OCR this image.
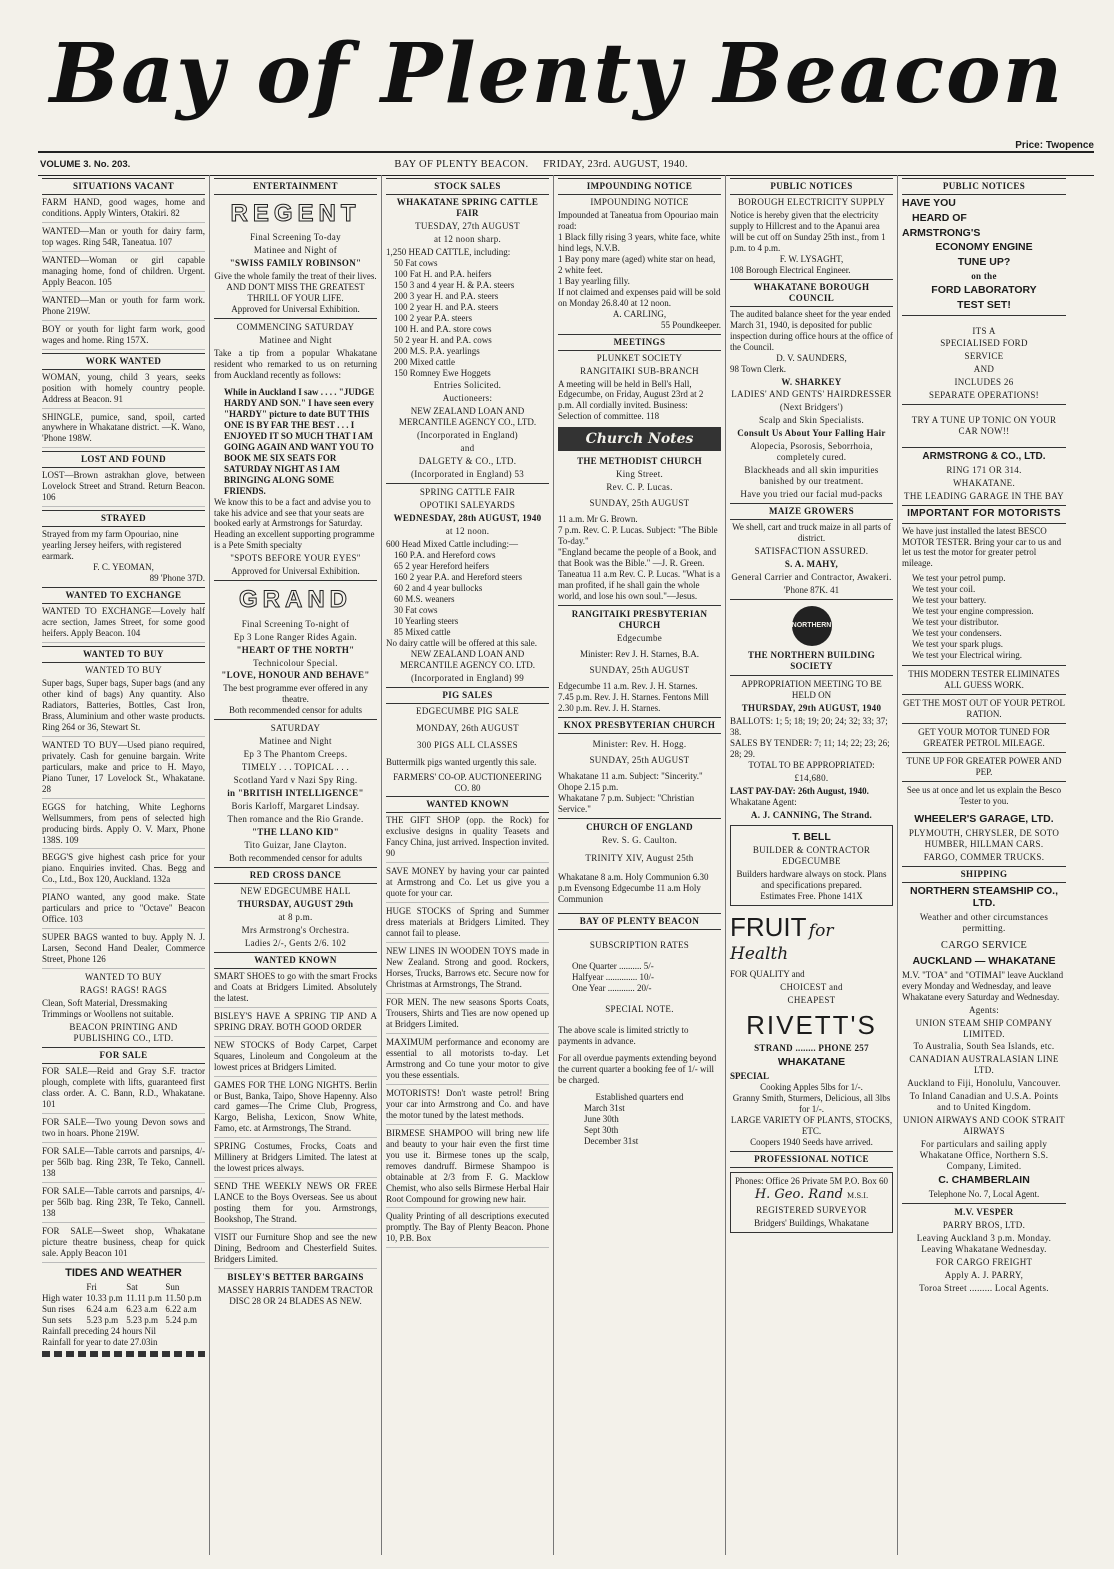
Bay of Plenty Beacon
Price: Twopence
VOLUME 3. No. 203.	BAY OF PLENTY BEACON. FRIDAY, 23rd. AUGUST, 1940.
SITUATIONS VACANT
FARM HAND, good wages, home and conditions. Apply Winters, Otakiri. 82
WANTED—Man or youth for dairy farm, top wages. Ring 54R, Taneatua. 107
WANTED—Woman or girl capable managing home, fond of children. Urgent. Apply Beacon. 105
WANTED—Man or youth for farm work. Phone 219W.
BOY or youth for light farm work, good wages and home. Ring 157X.
WORK WANTED
WOMAN, young, child 3 years, seeks position with homely country people. Address at Beacon. 91
SHINGLE, pumice, sand, spoil, carted anywhere in Whakatane district. —K. Wano, 'Phone 198W.
LOST AND FOUND
LOST—Brown astrakhan glove, between Lovelock Street and Strand. Return Beacon. 106
STRAYED
Strayed from my farm Opouriao, nine yearling Jersey heifers, with registered earmark.
F. C. YEOMAN,
89 'Phone 37D.
WANTED TO EXCHANGE
WANTED TO EXCHANGE—Lovely half acre section, James Street, for some good heifers. Apply Beacon. 104
WANTED TO BUY
WANTED TO BUY
Super bags, Super bags, Super bags (and any other kind of bags) Any quantity. Also Radiators, Batteries, Bottles, Cast Iron, Brass, Aluminium and other waste products. Ring 264 or 36, Stewart St.
WANTED TO BUY—Used piano required, privately. Cash for genuine bargain. Write particulars, make and price to H. Mayo, Piano Tuner, 17 Lovelock St., Whakatane. 28
EGGS for hatching, White Leghorns Wellsummers, from pens of selected high producing birds. Apply O. V. Marx, Phone 138S. 109
BEGG'S give highest cash price for your piano. Enquiries invited. Chas. Begg and Co., Ltd., Box 120, Auckland. 132a
PIANO wanted, any good make. State particulars and price to "Octave" Beacon Office. 103
SUPER BAGS wanted to buy. Apply N. J. Larsen, Second Hand Dealer, Commerce Street, Phone 126
WANTED TO BUY
RAGS! RAGS! RAGS
Clean, Soft Material, Dressmaking Trimmings or Woollens not suitable.
BEACON PRINTING AND PUBLISHING CO., LTD.
FOR SALE
FOR SALE—Reid and Gray S.F. tractor plough, complete with lifts, guaranteed first class order. A. C. Bann, R.D., Whakatane. 101
FOR SALE—Two young Devon sows and two in hoars. Phone 219W.
FOR SALE—Table carrots and parsnips, 4/- per 56lb bag. Ring 23R, Te Teko, Cannell. 138
FOR SALE—Table carrots and parsnips, 4/- per 56lb bag. Ring 23R, Te Teko, Cannell. 138
FOR SALE—Sweet shop, Whakatane picture theatre business, cheap for quick sale. Apply Beacon 101
TIDES AND WEATHER
	Fri	Sat	Sun
High water	10.33 p.m	11.11 p.m	11.50 p.m
Sun rises	6.24 a.m	6.23 a.m	6.22 a.m
Sun sets	5.23 p.m	5.23 p.m	5.24 p.m
Rainfall preceding 24 hours Nil
Rainfall for year to date 27.03in
ENTERTAINMENT
REGENT
Final Screening To-day
Matinee and Night of
"SWISS FAMILY ROBINSON"
Give the whole family the treat of their lives. AND DON'T MISS THE GREATEST THRILL OF YOUR LIFE.
Approved for Universal Exhibition.
COMMENCING SATURDAY
Matinee and Night
Take a tip from a popular Whakatane resident who remarked to us on returning from Auckland recently as follows:
While in Auckland I saw . . . . "JUDGE HARDY AND SON." I have seen every "HARDY" picture to date BUT THIS ONE IS BY FAR THE BEST . . . I ENJOYED IT SO MUCH THAT I AM GOING AGAIN AND WANT YOU TO BOOK ME SIX SEATS FOR SATURDAY NIGHT AS I AM BRINGING ALONG SOME FRIENDS.
We know this to be a fact and advise you to take his advice and see that your seats are booked early at Armstrongs for Saturday.
Heading an excellent supporting programme is a Pete Smith specialty
"SPOTS BEFORE YOUR EYES"
Approved for Universal Exhibition.
GRAND
Final Screening To-night of
Ep 3 Lone Ranger Rides Again.
"HEART OF THE NORTH"
Technicolour Special.
"LOVE, HONOUR AND BEHAVE"
The best programme ever offered in any theatre.
Both recommended censor for adults
SATURDAY
Matinee and Night
Ep 3 The Phantom Creeps.
TIMELY . . . TOPICAL . . .
Scotland Yard v Nazi Spy Ring.
in "BRITISH INTELLIGENCE"
Boris Karloff, Margaret Lindsay.
Then romance and the Rio Grande.
"THE LLANO KID"
Tito Guizar, Jane Clayton.
Both recommended censor for adults
RED CROSS DANCE
NEW EDGECUMBE HALL
THURSDAY, AUGUST 29th
at 8 p.m.
Mrs Armstrong's Orchestra.
Ladies 2/-, Gents 2/6. 102
WANTED KNOWN
SMART SHOES to go with the smart Frocks and Coats at Bridgers Limited. Absolutely the latest.
BISLEY'S HAVE A SPRING TIP AND A SPRING DRAY. BOTH GOOD ORDER
NEW STOCKS of Body Carpet, Carpet Squares, Linoleum and Congoleum at the lowest prices at Bridgers Limited.
GAMES FOR THE LONG NIGHTS. Berlin or Bust, Banka, Taipo, Shove Hapenny. Also card games—The Crime Club, Progress, Kargo, Belisha, Lexicon, Snow White, Famo, etc. at Armstrongs, The Strand.
SPRING Costumes, Frocks, Coats and Millinery at Bridgers Limited. The latest at the lowest prices always.
SEND THE WEEKLY NEWS OR FREE LANCE to the Boys Overseas. See us about posting them for you. Armstrongs, Bookshop, The Strand.
VISIT our Furniture Shop and see the new Dining, Bedroom and Chesterfield Suites. Bridgers Limited.
BISLEY'S BETTER BARGAINS
MASSEY HARRIS TANDEM TRACTOR DISC 28 OR 24 BLADES AS NEW.
STOCK SALES
WHAKATANE SPRING CATTLE FAIR
TUESDAY, 27th AUGUST
at 12 noon sharp.
1,250 HEAD CATTLE, including:
50 Fat cows
100 Fat H. and P.A. heifers
150 3 and 4 year H. & P.A. steers
200 3 year H. and P.A. steers
100 2 year H. and P.A. steers
100 2 year P.A. steers
100 H. and P.A. store cows
50 2 year H. and P.A. cows
200 M.S. P.A. yearlings
200 Mixed cattle
150 Romney Ewe Hoggets
Entries Solicited.
Auctioneers:
NEW ZEALAND LOAN AND MERCANTILE AGENCY CO., LTD.
(Incorporated in England)
and
DALGETY & CO., LTD.
(Incorporated in England) 53
SPRING CATTLE FAIR
OPOTIKI SALEYARDS
WEDNESDAY, 28th AUGUST, 1940
at 12 noon.
600 Head Mixed Cattle including:—
160 P.A. and Hereford cows
65 2 year Hereford heifers
160 2 year P.A. and Hereford steers
60 2 and 4 year bullocks
60 M.S. weaners
30 Fat cows
10 Yearling steers
85 Mixed cattle
No dairy cattle will be offered at this sale.
NEW ZEALAND LOAN AND MERCANTILE AGENCY CO. LTD.
(Incorporated in England) 99
PIG SALES
EDGECUMBE PIG SALE
MONDAY, 26th AUGUST
300 PIGS ALL CLASSES
Buttermilk pigs wanted urgently this sale.
FARMERS' CO-OP. AUCTIONEERING CO. 80
WANTED KNOWN
THE GIFT SHOP (opp. the Rock) for exclusive designs in quality Teasets and Fancy China, just arrived. Inspection invited. 90
SAVE MONEY by having your car painted at Armstrong and Co. Let us give you a quote for your car.
HUGE STOCKS of Spring and Summer dress materials at Bridgers Limited. They cannot fail to please.
NEW LINES IN WOODEN TOYS made in New Zealand. Strong and good. Rockers, Horses, Trucks, Barrows etc. Secure now for Christmas at Armstrongs, The Strand.
FOR MEN. The new seasons Sports Coats, Trousers, Shirts and Ties are now opened up at Bridgers Limited.
MAXIMUM performance and economy are essential to all motorists to-day. Let Armstrong and Co tune your motor to give you these essentials.
MOTORISTS! Don't waste petrol! Bring your car into Armstrong and Co. and have the motor tuned by the latest methods.
BIRMESE SHAMPOO will bring new life and beauty to your hair even the first time you use it. Birmese tones up the scalp, removes dandruff. Birmese Shampoo is obtainable at 2/3 from F. G. Macklow Chemist, who also sells Birmese Herbal Hair Root Compound for growing new hair.
Quality Printing of all descriptions executed promptly. The Bay of Plenty Beacon. Phone 10, P.B. Box
IMPOUNDING NOTICE
IMPOUNDING NOTICE
Impounded at Taneatua from Opouriao main road:
1 Black filly rising 3 years, white face, white hind legs, N.V.B.
1 Bay pony mare (aged) white star on head, 2 white feet.
1 Bay yearling filly.
If not claimed and expenses paid will be sold on Monday 26.8.40 at 12 noon.
A. CARLING,
55 Poundkeeper.
MEETINGS
PLUNKET SOCIETY
RANGITAIKI SUB-BRANCH
A meeting will be held in Bell's Hall, Edgecumbe, on Friday, August 23rd at 2 p.m. All cordially invited. Business: Selection of committee. 118
Church Notes
THE METHODIST CHURCH
King Street.
Rev. C. P. Lucas.
SUNDAY, 25th AUGUST
11 a.m. Mr G. Brown.
7 p.m. Rev. C. P. Lucas. Subject: "The Bible To-day."
"England became the people of a Book, and that Book was the Bible." —J. R. Green.
Taneatua 11 a.m Rev. C. P. Lucas. "What is a man profited, if he shall gain the whole world, and lose his own soul."—Jesus.
RANGITAIKI PRESBYTERIAN CHURCH
Edgecumbe
Minister: Rev J. H. Starnes, B.A.
SUNDAY, 25th AUGUST
Edgecumbe 11 a.m. Rev. J. H. Starnes.
7.45 p.m. Rev. J. H. Starnes. Fentons Mill 2.30 p.m. Rev. J. H. Starnes.
KNOX PRESBYTERIAN CHURCH
Minister: Rev. H. Hogg.
SUNDAY, 25th AUGUST
Whakatane 11 a.m. Subject: "Sincerity."
Ohope 2.15 p.m.
Whakatane 7 p.m. Subject: "Christian Service."
CHURCH OF ENGLAND
Rev. S. G. Caulton.
TRINITY XIV, August 25th
Whakatane 8 a.m. Holy Communion 6.30 p.m Evensong Edgecumbe 11 a.m Holy Communion
BAY OF PLENTY BEACON
SUBSCRIPTION RATES
One Quarter .......... 5/-
Halfyear .............. 10/-
One Year ............ 20/-
SPECIAL NOTE.
The above scale is limited strictly to payments in advance.
For all overdue payments extending beyond the current quarter a booking fee of 1/- will be charged.
Established quarters end
March 31st
June 30th
Sept 30th
December 31st
PUBLIC NOTICES
BOROUGH ELECTRICITY SUPPLY
Notice is hereby given that the electricity supply to Hillcrest and to the Apanui area will be cut off on Sunday 25th inst., from 1 p.m. to 4 p.m.
F. W. LYSAGHT,
108 Borough Electrical Engineer.
WHAKATANE BOROUGH COUNCIL
The audited balance sheet for the year ended March 31, 1940, is deposited for public inspection during office hours at the office of the Council.
D. V. SAUNDERS,
98 Town Clerk.
W. SHARKEY
LADIES' AND GENTS' HAIRDRESSER
(Next Bridgers')
Scalp and Skin Specialists.
Consult Us About Your Falling Hair
Alopecia, Psorosis, Seborrhoia, completely cured.
Blackheads and all skin impurities banished by our treatment.
Have you tried our facial mud-packs
MAIZE GROWERS
We shell, cart and truck maize in all parts of district.
SATISFACTION ASSURED.
S. A. MAHY,
General Carrier and Contractor, Awakeri.
'Phone 87K. 41
NORTHERN
THE NORTHERN BUILDING SOCIETY
APPROPRIATION MEETING TO BE HELD ON
THURSDAY, 29th AUGUST, 1940
BALLOTS: 1; 5; 18; 19; 20; 24; 32; 33; 37; 38.
SALES BY TENDER: 7; 11; 14; 22; 23; 26; 28; 29.
TOTAL TO BE APPROPRIATED:
£14,680.
LAST PAY-DAY: 26th August, 1940.
Whakatane Agent:
A. J. CANNING, The Strand.
T. BELL
BUILDER & CONTRACTOR EDGECUMBE
Builders hardware always on stock. Plans and specifications prepared.
Estimates Free. Phone 141X
FRUIT for Health
FOR QUALITY and
CHOICEST and
CHEAPEST
RIVETT'S
STRAND ........ PHONE 257
WHAKATANE
SPECIAL
Cooking Apples 5lbs for 1/-.
Granny Smith, Sturmers, Delicious, all 3lbs for 1/-.
LARGE VARIETY OF PLANTS, STOCKS, ETC.
Coopers 1940 Seeds have arrived.
PROFESSIONAL NOTICE
Phones: Office 26 Private 5M P.O. Box 60
H. Geo. Rand M.S.I.
REGISTERED SURVEYOR
Bridgers' Buildings, Whakatane
PUBLIC NOTICES
HAVE YOU
HEARD OF
ARMSTRONG'S
ECONOMY ENGINE
TUNE UP?
on the
FORD LABORATORY
TEST SET!
ITS A
SPECIALISED FORD
SERVICE
AND
INCLUDES 26
SEPARATE OPERATIONS!
TRY A TUNE UP TONIC ON YOUR CAR NOW!!
ARMSTRONG & CO., LTD.
RING 171 OR 314.
WHAKATANE.
THE LEADING GARAGE IN THE BAY
IMPORTANT FOR MOTORISTS
We have just installed the latest BESCO MOTOR TESTER. Bring your car to us and let us test the motor for greater petrol mileage.
We test your petrol pump.
We test your coil.
We test your battery.
We test your engine compression.
We test your distributor.
We test your condensers.
We test your spark plugs.
We test your Electrical wiring.
THIS MODERN TESTER ELIMINATES ALL GUESS WORK.
GET THE MOST OUT OF YOUR PETROL RATION.
GET YOUR MOTOR TUNED FOR GREATER PETROL MILEAGE.
TUNE UP FOR GREATER POWER AND PEP.
See us at once and let us explain the Besco Tester to you.
WHEELER'S GARAGE, LTD.
PLYMOUTH, CHRYSLER, DE SOTO HUMBER, HILLMAN CARS.
FARGO, COMMER TRUCKS.
SHIPPING
NORTHERN STEAMSHIP CO., LTD.
Weather and other circumstances permitting.
CARGO SERVICE
AUCKLAND — WHAKATANE
M.V. "TOA" and "OTIMAI" leave Auckland every Monday and Wednesday, and leave Whakatane every Saturday and Wednesday.
Agents:
UNION STEAM SHIP COMPANY LIMITED.
To Australia, South Sea Islands, etc.
CANADIAN AUSTRALASIAN LINE LTD.
Auckland to Fiji, Honolulu, Vancouver.
To Inland Canadian and U.S.A. Points and to United Kingdom.
UNION AIRWAYS AND COOK STRAIT AIRWAYS
For particulars and sailing apply Whakatane Office, Northern S.S. Company, Limited.
C. CHAMBERLAIN
Telephone No. 7, Local Agent.
M.V. VESPER
PARRY BROS, LTD.
Leaving Auckland 3 p.m. Monday. Leaving Whakatane Wednesday.
FOR CARGO FREIGHT
Apply A. J. PARRY,
Toroa Street ......... Local Agents.
